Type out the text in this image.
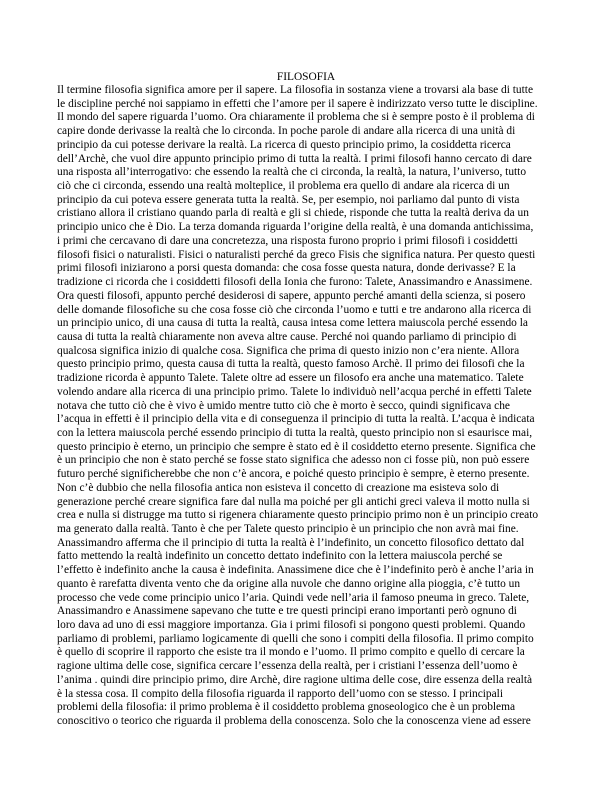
FILOSOFIA
Il termine filosofia significa amore per il sapere. La filosofia in sostanza viene a trovarsi ala base di tutte
le discipline perché noi sappiamo in effetti che l’amore per il sapere è indirizzato verso tutte le discipline.
Il mondo del sapere riguarda l’uomo. Ora chiaramente il problema che si è sempre posto è il problema di
capire donde derivasse la realtà che lo circonda. In poche parole di andare alla ricerca di una unità di
principio da cui potesse derivare la realtà. La ricerca di questo principio primo, la cosiddetta ricerca
dell’Archè, che vuol dire appunto principio primo di tutta la realtà. I primi filosofi hanno cercato di dare
una risposta all’interrogativo: che essendo la realtà che ci circonda, la realtà, la natura, l’universo, tutto
ciò che ci circonda, essendo una realtà molteplice, il problema era quello di andare ala ricerca di un
principio da cui poteva essere generata tutta la realtà. Se, per esempio, noi parliamo dal punto di vista
cristiano allora il cristiano quando parla di realtà e gli si chiede, risponde che tutta la realtà deriva da un
principio unico che è Dio. La terza domanda riguarda l’origine della realtà, è una domanda antichissima,
i primi che cercavano di dare una concretezza, una risposta furono proprio i primi filosofi i cosiddetti
filosofi fisici o naturalisti. Fisici o naturalisti perché da greco Fisis che significa natura. Per questo questi
primi filosofi iniziarono a porsi questa domanda: che cosa fosse questa natura, donde derivasse? E la
tradizione ci ricorda che i cosiddetti filosofi della Ionia che furono: Talete, Anassimandro e Anassimene.
Ora questi filosofi, appunto perché desiderosi di sapere, appunto perché amanti della scienza, si posero
delle domande filosofiche su che cosa fosse ciò che circonda l’uomo e tutti e tre andarono alla ricerca di
un principio unico, di una causa di tutta la realtà, causa intesa come lettera maiuscola perché essendo la
causa di tutta la realtà chiaramente non aveva altre cause. Perché noi quando parliamo di principio di
qualcosa significa inizio di qualche cosa. Significa che prima di questo inizio non c’era niente. Allora
questo principio primo, questa causa di tutta la realtà, questo famoso Archè. Il primo dei filosofi che la
tradizione ricorda è appunto Talete. Talete oltre ad essere un filosofo era anche una matematico. Talete
volendo andare alla ricerca di una principio primo. Talete lo individuò nell’acqua perché in effetti Talete
notava che tutto ciò che è vivo è umido mentre tutto ciò che è morto è secco, quindi significava che
l’acqua in effetti è il principio della vita e di conseguenza il principio di tutta la realtà. L’acqua è indicata
con la lettera maiuscola perché essendo principio di tutta la realtà, questo principio non si esaurisce mai,
questo principio è eterno, un principio che sempre è stato ed è il cosiddetto eterno presente. Significa che
è un principio che non è stato perché se fosse stato significa che adesso non ci fosse più, non può essere
futuro perché significherebbe che non c’è ancora, e poiché questo principio è sempre, è eterno presente.
Non c’è dubbio che nella filosofia antica non esisteva il concetto di creazione ma esisteva solo di
generazione perché creare significa fare dal nulla ma poiché per gli antichi greci valeva il motto nulla si
crea e nulla si distrugge ma tutto si rigenera chiaramente questo principio primo non è un principio creato
ma generato dalla realtà. Tanto è che per Talete questo principio è un principio che non avrà mai fine.
Anassimandro afferma che il principio di tutta la realtà è l’indefinito, un concetto filosofico dettato dal
fatto mettendo la realtà indefinito un concetto dettato indefinito con la lettera maiuscola perché se
l’effetto è indefinito anche la causa è indefinita. Anassimene dice che è l’indefinito però è anche l’aria in
quanto è rarefatta diventa vento che da origine alla nuvole che danno origine alla pioggia, c’è tutto un
processo che vede come principio unico l’aria. Quindi vede nell’aria il famoso pneuma in greco. Talete,
Anassimandro e Anassimene sapevano che tutte e tre questi principi erano importanti però ognuno di
loro dava ad uno di essi maggiore importanza. Gia i primi filosofi si pongono questi problemi. Quando
parliamo di problemi, parliamo logicamente di quelli che sono i compiti della filosofia. Il primo compito
è quello di scoprire il rapporto che esiste tra il mondo e l’uomo. Il primo compito e quello di cercare la
ragione ultima delle cose, significa cercare l’essenza della realtà, per i cristiani l’essenza dell’uomo è
l’anima . quindi dire principio primo, dire Archè, dire ragione ultima delle cose, dire essenza della realtà
è la stessa cosa. Il compito della filosofia riguarda il rapporto dell’uomo con se stesso. I principali
problemi della filosofia: il primo problema è il cosiddetto problema gnoseologico che è un problema
conoscitivo o teorico che riguarda il problema della conoscenza. Solo che la conoscenza viene ad essere
